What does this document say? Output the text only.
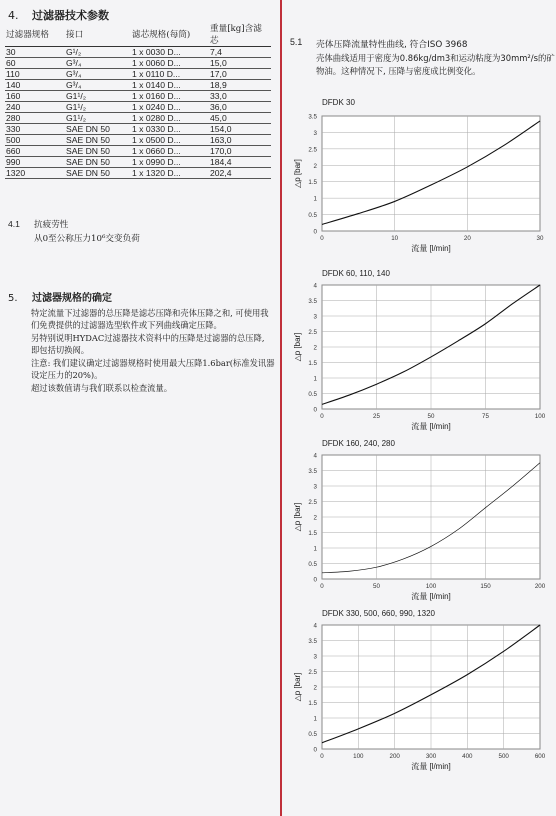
4. 过滤器技术参数
过滤器规格	接口	滤芯规格(每筒)	重量[kg]含滤芯
30	G¹/₂	1 x 0030 D...	7,4
60	G³/₄	1 x 0060 D...	15,0
110	G³/₄	1 x 0110 D...	17,0
140	G³/₄	1 x 0140 D...	18,9
160	G1¹/₂	1 x 0160 D...	33,0
240	G1¹/₂	1 x 0240 D...	36,0
280	G1¹/₂	1 x 0280 D...	45,0
330	SAE DN 50	1 x 0330 D...	154,0
500	SAE DN 50	1 x 0500 D...	163,0
660	SAE DN 50	1 x 0660 D...	170,0
990	SAE DN 50	1 x 0990 D...	184,4
1320	SAE DN 50	1 x 1320 D...	202,4
4.1 抗疲劳性
从0至公称压力10⁶交变负荷
5. 过滤器规格的确定

特定流量下过滤器的总压降是滤芯压降和壳体压降之和, 可使用我们免费提供的过滤器选型软件或下列曲线确定压降。

另特别说明HYDAC过滤器技术资料中的压降是过滤器的总压降, 即包括切换阀。

注意: 我们建议确定过滤器规格时使用最大压降1.6bar(标准发讯器设定压力的20%)。

超过该数值请与我们联系以检查流量。

5.1 壳体压降流量特性曲线, 符合ISO 3968
壳体曲线适用于密度为0.86kg/dm3和运动粘度为30mm²/s的矿物油。这种情况下, 压降与密度成比例变化。
DFDK 30
0
0.5
1
1.5
2
2.5
3
3.5
0	10	20	30
流量 [l/min]
△p [bar]
DFDK 60, 110, 140
0
0.5
1
1.5
2
2.5
3
3.5
4
0	25	50	75	100
流量 [l/min]
△p [bar]
DFDK 160, 240, 280
0
0.5
1
1.5
2
2.5
3
3.5
4
0	50	100	150	200
流量 [l/min]
△p [bar]
DFDK 330, 500, 660, 990, 1320
0
0.5
1
1.5
2
2.5
3
3.5
4
0	100	200	300	400	500	600
流量 [l/min]
△p [bar]
